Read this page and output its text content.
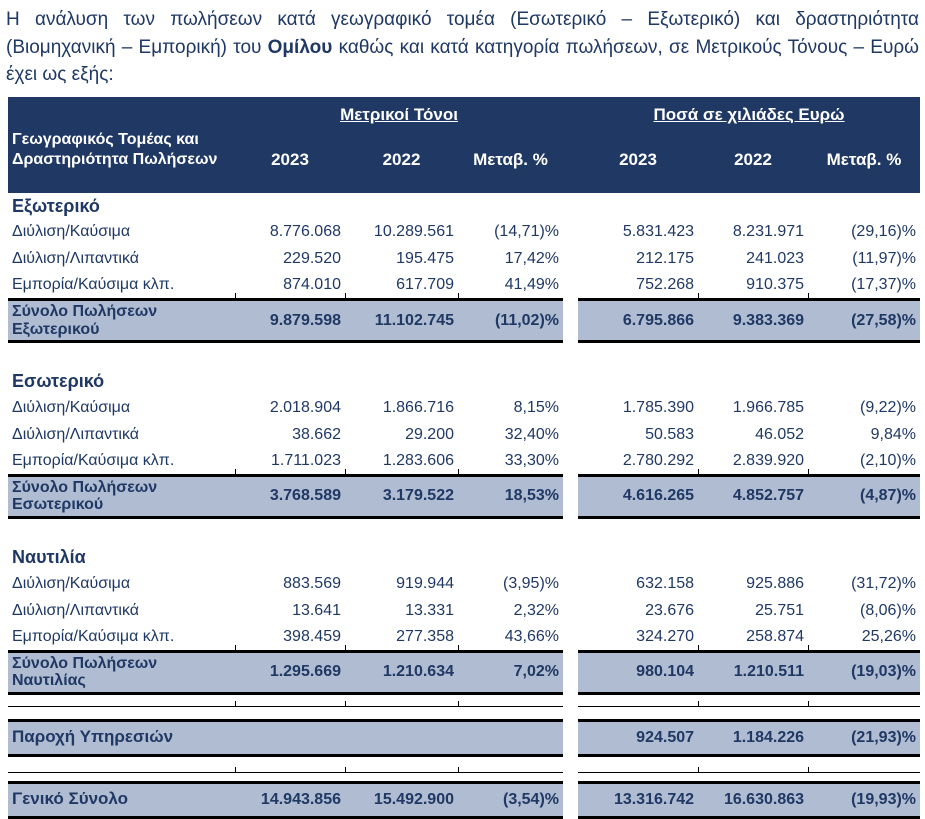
Η ανάλυση των πωλήσεων κατά γεωγραφικό τομέα (Εσωτερικό – Εξωτερικό) και δραστηριότητα (Βιομηχανική – Εμπορική) του Ομίλου καθώς και κατά κατηγορία πωλήσεων, σε Μετρικούς Τόνους – Ευρώ έχει ως εξής:

	Μετρικοί Τόνοι				Ποσά σε χιλιάδες Ευρώ		
Γεωγραφικός Τομέας και Δραστηριότητα Πωλήσεων	2023	2022	Μεταβ. %		2023	2022	Μεταβ. %
Εξωτερικό							
Διύλιση/Καύσιμα	8.776.068	10.289.561	(14,71)%		5.831.423	8.231.971	(29,16)%
Διύλιση/Λιπαντικά	229.520	195.475	17,42%		212.175	241.023	(11,97)%
Εμπορία/Καύσιμα κλπ.	874.010	617.709	41,49%		752.268	910.375	(17,37)%
Σύνολο Πωλήσεων Εξωτερικού	9.879.598	11.102.745	(11,02)%		6.795.866	9.383.369	(27,58)%
Εσωτερικό							
Διύλιση/Καύσιμα	2.018.904	1.866.716	8,15%		1.785.390	1.966.785	(9,22)%
Διύλιση/Λιπαντικά	38.662	29.200	32,40%		50.583	46.052	9,84%
Εμπορία/Καύσιμα κλπ.	1.711.023	1.283.606	33,30%		2.780.292	2.839.920	(2,10)%
Σύνολο Πωλήσεων Εσωτερικού	3.768.589	3.179.522	18,53%		4.616.265	4.852.757	(4,87)%
Ναυτιλία							
Διύλιση/Καύσιμα	883.569	919.944	(3,95)%		632.158	925.886	(31,72)%
Διύλιση/Λιπαντικά	13.641	13.331	2,32%		23.676	25.751	(8,06)%
Εμπορία/Καύσιμα κλπ.	398.459	277.358	43,66%		324.270	258.874	25,26%
Σύνολο Πωλήσεων Ναυτιλίας	1.295.669	1.210.634	7,02%		980.104	1.210.511	(19,03)%

Παροχή Υπηρεσιών					924.507	1.184.226	(21,93)%

Γενικό Σύνολο	14.943.856	15.492.900	(3,54)%		13.316.742	16.630.863	(19,93)%
